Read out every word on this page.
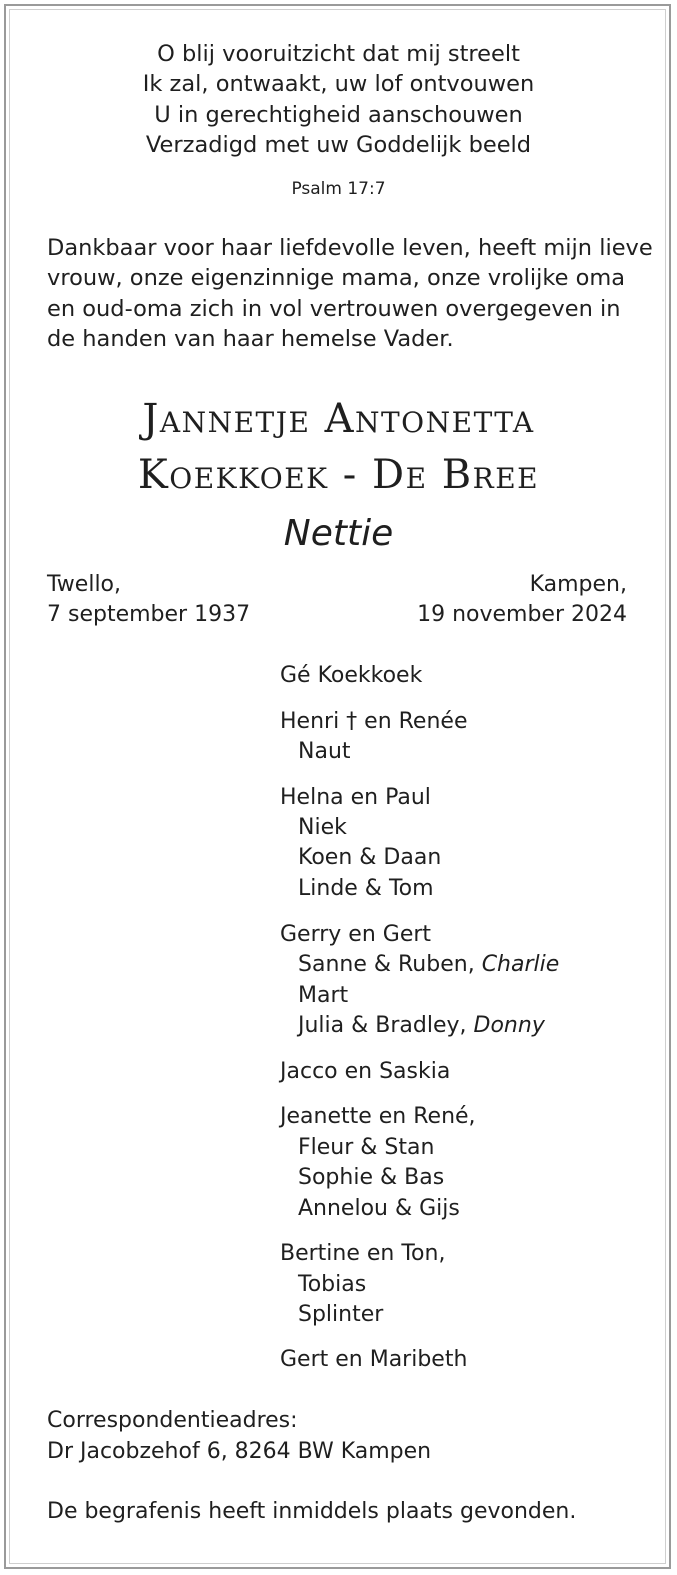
O blij vooruitzicht dat mij streelt
Ik zal, ontwaakt, uw lof ontvouwen
U in gerechtigheid aanschouwen
Verzadigd met uw Goddelijk beeld
Psalm 17:7
Dankbaar voor haar liefdevolle leven, heeft mijn lieve
vrouw, onze eigenzinnige mama, onze vrolijke oma
en oud-oma zich in vol vertrouwen overgegeven in
de handen van haar hemelse Vader.
Jannetje Antonetta
Koekkoek - De Bree
Nettie
Twello,
7 september 1937
Kampen,
19 november 2024
Gé Koekkoek
Henri † en Renée
Naut
Helna en Paul
Niek
Koen & Daan
Linde & Tom
Gerry en Gert
Sanne & Ruben, Charlie
Mart
Julia & Bradley, Donny
Jacco en Saskia
Jeanette en René,
Fleur & Stan
Sophie & Bas
Annelou & Gijs
Bertine en Ton,
Tobias
Splinter
Gert en Maribeth
Correspondentieadres:
Dr Jacobzehof 6, 8264 BW Kampen
De begrafenis heeft inmiddels plaats gevonden.
